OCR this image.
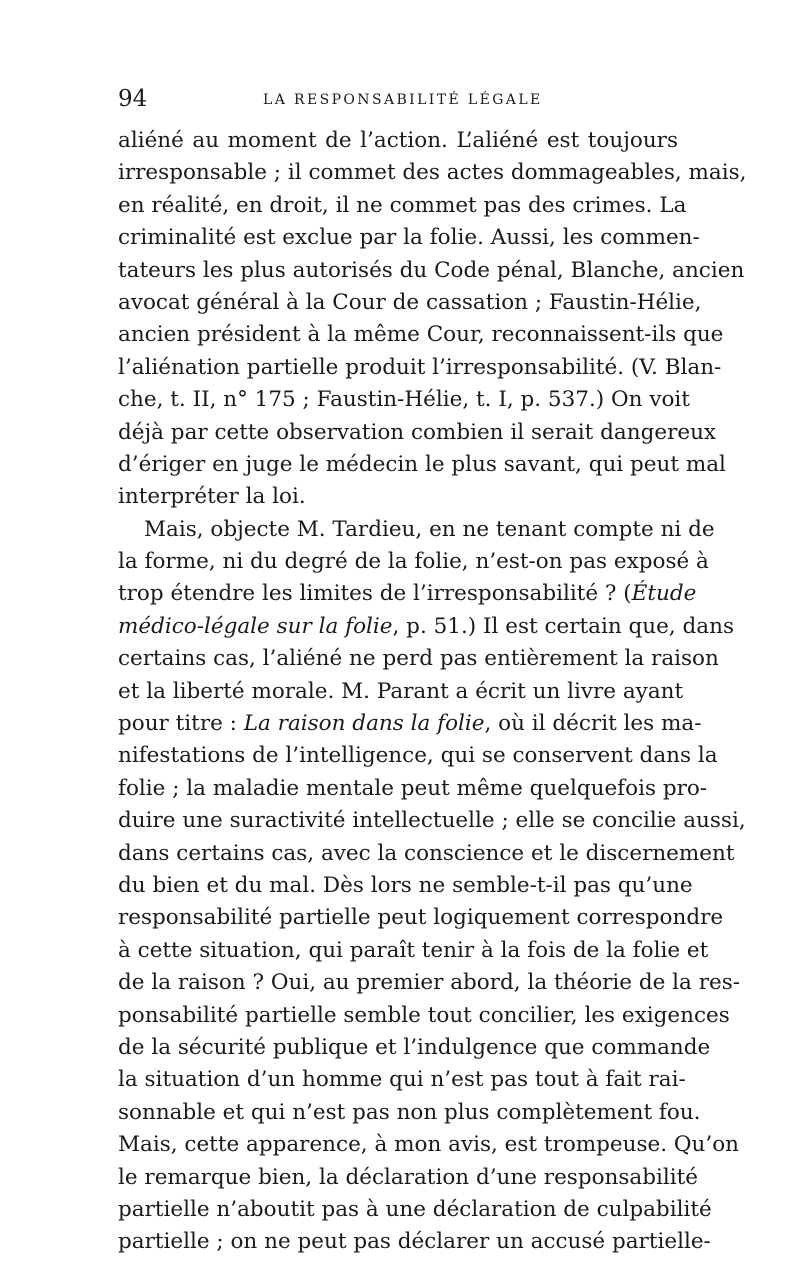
94	LA RESPONSABILITÉ LÉGALE
aliéné au moment de l’action. L’aliéné est toujours
irresponsable ; il commet des actes dommageables, mais,
en réalité, en droit, il ne commet pas des crimes. La
criminalité est exclue par la folie. Aussi, les commen-
tateurs les plus autorisés du Code pénal, Blanche, ancien
avocat général à la Cour de cassation ; Faustin-Hélie,
ancien président à la même Cour, reconnaissent-ils que
l’aliénation partielle produit l’irresponsabilité. (V. Blan-
che, t. II, n° 175 ; Faustin-Hélie, t. I, p. 537.) On voit
déjà par cette observation combien il serait dangereux
d’ériger en juge le médecin le plus savant, qui peut mal
interpréter la loi.
Mais, objecte M. Tardieu, en ne tenant compte ni de
la forme, ni du degré de la folie, n’est-on pas exposé à
trop étendre les limites de l’irresponsabilité ? (Étude
médico-légale sur la folie, p. 51.) Il est certain que, dans
certains cas, l’aliéné ne perd pas entièrement la raison
et la liberté morale. M. Parant a écrit un livre ayant
pour titre : La raison dans la folie, où il décrit les ma-
nifestations de l’intelligence, qui se conservent dans la
folie ; la maladie mentale peut même quelquefois pro-
duire une suractivité intellectuelle ; elle se concilie aussi,
dans certains cas, avec la conscience et le discernement
du bien et du mal. Dès lors ne semble-t-il pas qu’une
responsabilité partielle peut logiquement correspondre
à cette situation, qui paraît tenir à la fois de la folie et
de la raison ? Oui, au premier abord, la théorie de la res-
ponsabilité partielle semble tout concilier, les exigences
de la sécurité publique et l’indulgence que commande
la situation d’un homme qui n’est pas tout à fait rai-
sonnable et qui n’est pas non plus complètement fou.
Mais, cette apparence, à mon avis, est trompeuse. Qu’on
le remarque bien, la déclaration d’une responsabilité
partielle n’aboutit pas à une déclaration de culpabilité
partielle ; on ne peut pas déclarer un accusé partielle-
